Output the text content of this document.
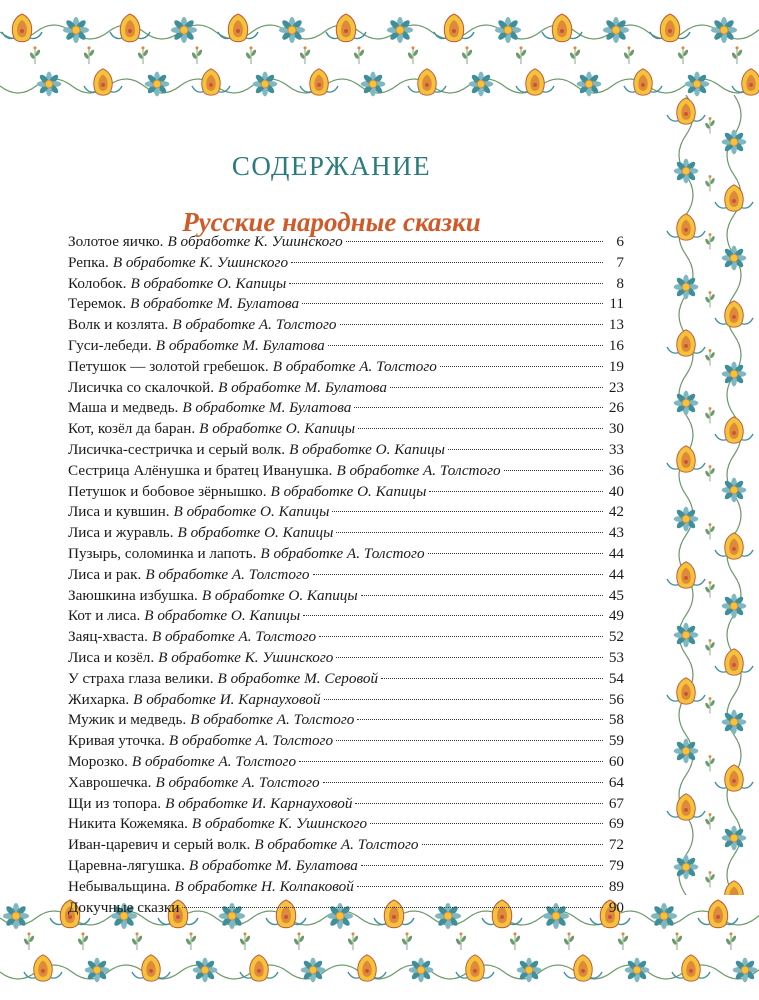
СОДЕРЖАНИЕ
Русские народные сказки
Золотое яичко. В обработке К. Ушинского	6
Репка. В обработке К. Ушинского	7
Колобок. В обработке О. Капицы	8
Теремок. В обработке М. Булатова	11
Волк и козлята. В обработке А. Толстого	13
Гуси-лебеди. В обработке М. Булатова	16
Петушок — золотой гребешок. В обработке А. Толстого	19
Лисичка со скалочкой. В обработке М. Булатова	23
Маша и медведь. В обработке М. Булатова	26
Кот, козёл да баран. В обработке О. Капицы	30
Лисичка-сестричка и серый волк. В обработке О. Капицы	33
Сестрица Алёнушка и братец Иванушка. В обработке А. Толстого	36
Петушок и бобовое зёрнышко. В обработке О. Капицы	40
Лиса и кувшин. В обработке О. Капицы	42
Лиса и журавль. В обработке О. Капицы	43
Пузырь, соломинка и лапоть. В обработке А. Толстого	44
Лиса и рак. В обработке А. Толстого	44
Заюшкина избушка. В обработке О. Капицы	45
Кот и лиса. В обработке О. Капицы	49
Заяц-хваста. В обработке А. Толстого	52
Лиса и козёл. В обработке К. Ушинского	53
У страха глаза велики. В обработке М. Серовой	54
Жихарка. В обработке И. Карнауховой	56
Мужик и медведь. В обработке А. Толстого	58
Кривая уточка. В обработке А. Толстого	59
Морозко. В обработке А. Толстого	60
Хаврошечка. В обработке А. Толстого	64
Щи из топора. В обработке И. Карнауховой	67
Никита Кожемяка. В обработке К. Ушинского	69
Иван-царевич и серый волк. В обработке А. Толстого	72
Царевна-лягушка. В обработке М. Булатова	79
Небывальщина. В обработке Н. Колпаковой	89
Докучные сказки	90
